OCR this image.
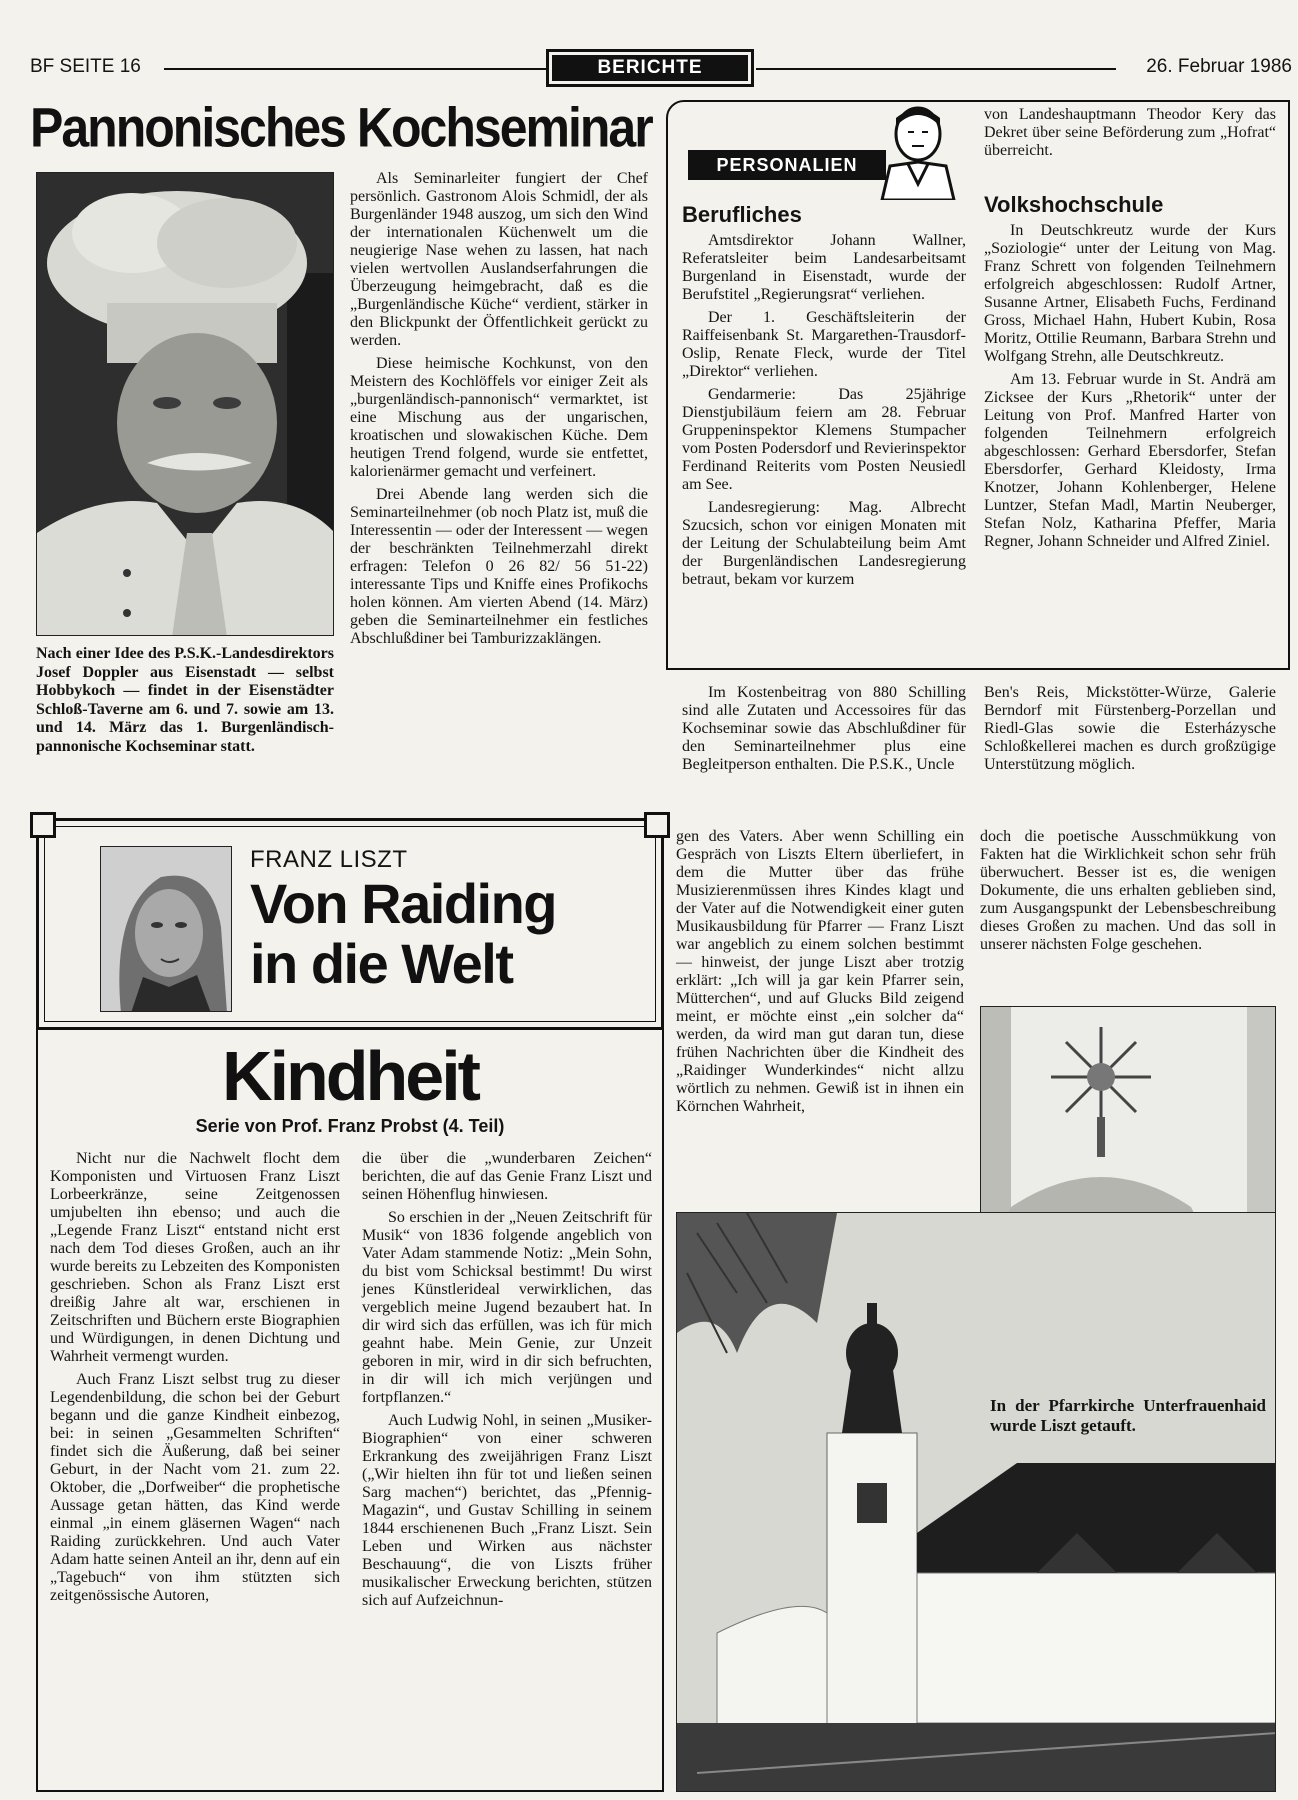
BF SEITE 16	BERICHTE	26. Februar 1986
Pannonisches Kochseminar
Nach einer Idee des P.S.K.-Landesdirektors Josef Doppler aus Eisenstadt — selbst Hobbykoch — findet in der Eisenstädter Schloß-Taverne am 6. und 7. sowie am 13. und 14. März das 1. Burgenländisch-pannonische Kochseminar statt.

Als Seminarleiter fungiert der Chef persönlich. Gastronom Alois Schmidl, der als Burgenländer 1948 auszog, um sich den Wind der internationalen Küchenwelt um die neugierige Nase wehen zu lassen, hat nach vielen wertvollen Auslandserfahrungen die Überzeugung heimgebracht, daß es die „Burgenländische Küche“ verdient, stärker in den Blickpunkt der Öffentlichkeit gerückt zu werden.

Diese heimische Kochkunst, von den Meistern des Kochlöffels vor einiger Zeit als „burgenländisch-pannonisch“ vermarktet, ist eine Mischung aus der ungarischen, kroatischen und slowakischen Küche. Dem heutigen Trend folgend, wurde sie entfettet, kalorienärmer gemacht und verfeinert.

Drei Abende lang werden sich die Seminarteilnehmer (ob noch Platz ist, muß die Interessentin — oder der Interessent — wegen der beschränkten Teilnehmerzahl direkt erfragen: Telefon 0 26 82/ 56 51-22) interessante Tips und Kniffe eines Profikochs holen können. Am vierten Abend (14. März) geben die Seminarteilnehmer ein festliches Abschlußdiner bei Tamburizzaklängen.

PERSONALIEN
Berufliches

Amtsdirektor Johann Wallner, Referatsleiter beim Landesarbeitsamt Burgenland in Eisenstadt, wurde der Berufstitel „Regierungsrat“ verliehen.

Der 1. Geschäftsleiterin der Raiffeisenbank St. Margarethen-Trausdorf-Oslip, Renate Fleck, wurde der Titel „Direktor“ verliehen.

Gendarmerie: Das 25jährige Dienstjubiläum feiern am 28. Februar Gruppeninspektor Klemens Stumpacher vom Posten Podersdorf und Revierinspektor Ferdinand Reiterits vom Posten Neusiedl am See.

Landesregierung: Mag. Albrecht Szucsich, schon vor einigen Monaten mit der Leitung der Schulabteilung beim Amt der Burgenländischen Landesregierung betraut, bekam vor kurzem

von Landeshauptmann Theodor Kery das Dekret über seine Beförderung zum „Hofrat“ überreicht.

Volkshochschule

In Deutschkreutz wurde der Kurs „Soziologie“ unter der Leitung von Mag. Franz Schrett von folgenden Teilnehmern erfolgreich abgeschlossen: Rudolf Artner, Susanne Artner, Elisabeth Fuchs, Ferdinand Gross, Michael Hahn, Hubert Kubin, Rosa Moritz, Ottilie Reumann, Barbara Strehn und Wolfgang Strehn, alle Deutschkreutz.

Am 13. Februar wurde in St. Andrä am Zicksee der Kurs „Rhetorik“ unter der Leitung von Prof. Manfred Harter von folgenden Teilnehmern erfolgreich abgeschlossen: Gerhard Ebersdorfer, Stefan Ebersdorfer, Gerhard Kleidosty, Irma Knotzer, Johann Kohlenberger, Helene Luntzer, Stefan Madl, Martin Neuberger, Stefan Nolz, Katharina Pfeffer, Maria Regner, Johann Schneider und Alfred Ziniel.

Im Kostenbeitrag von 880 Schilling sind alle Zutaten und Accessoires für das Kochseminar sowie das Abschlußdiner für den Seminarteilnehmer plus eine Begleitperson enthalten. Die P.S.K., Uncle

Ben's Reis, Mickstötter-Würze, Galerie Berndorf mit Fürstenberg-Porzellan und Riedl-Glas sowie die Esterházysche Schloßkellerei machen es durch großzügige Unterstützung möglich.

FRANZ LISZT
Von Raiding
in die Welt
Kindheit
Serie von Prof. Franz Probst (4. Teil)

Nicht nur die Nachwelt flocht dem Komponisten und Virtuosen Franz Liszt Lorbeerkränze, seine Zeitgenossen umjubelten ihn ebenso; und auch die „Legende Franz Liszt“ entstand nicht erst nach dem Tod dieses Großen, auch an ihr wurde bereits zu Lebzeiten des Komponisten geschrieben. Schon als Franz Liszt erst dreißig Jahre alt war, erschienen in Zeitschriften und Büchern erste Biographien und Würdigungen, in denen Dichtung und Wahrheit vermengt wurden.

Auch Franz Liszt selbst trug zu dieser Legendenbildung, die schon bei der Geburt begann und die ganze Kindheit einbezog, bei: in seinen „Gesammelten Schriften“ findet sich die Äußerung, daß bei seiner Geburt, in der Nacht vom 21. zum 22. Oktober, die „Dorfweiber“ die prophetische Aussage getan hätten, das Kind werde einmal „in einem gläsernen Wagen“ nach Raiding zurückkehren. Und auch Vater Adam hatte seinen Anteil an ihr, denn auf ein „Tagebuch“ von ihm stützten sich zeitgenössische Autoren,

die über die „wunderbaren Zeichen“ berichten, die auf das Genie Franz Liszt und seinen Höhenflug hinwiesen.

So erschien in der „Neuen Zeitschrift für Musik“ von 1836 folgende angeblich von Vater Adam stammende Notiz: „Mein Sohn, du bist vom Schicksal bestimmt! Du wirst jenes Künstlerideal verwirklichen, das vergeblich meine Jugend bezaubert hat. In dir wird sich das erfüllen, was ich für mich geahnt habe. Mein Genie, zur Unzeit geboren in mir, wird in dir sich befruchten, in dir will ich mich verjüngen und fortpflanzen.“

Auch Ludwig Nohl, in seinen „Musiker-Biographien“ von einer schweren Erkrankung des zweijährigen Franz Liszt („Wir hielten ihn für tot und ließen seinen Sarg machen“) berichtet, das „Pfennig-Magazin“, und Gustav Schilling in seinem 1844 erschienenen Buch „Franz Liszt. Sein Leben und Wirken aus nächster Beschauung“, die von Liszts früher musikalischer Erweckung berichten, stützen sich auf Aufzeichnun-

gen des Vaters. Aber wenn Schilling ein Gespräch von Liszts Eltern überliefert, in dem die Mutter über das frühe Musizierenmüssen ihres Kindes klagt und der Vater auf die Notwendigkeit einer guten Musikausbildung für Pfarrer — Franz Liszt war angeblich zu einem solchen bestimmt — hinweist, der junge Liszt aber trotzig erklärt: „Ich will ja gar kein Pfarrer sein, Mütterchen“, und auf Glucks Bild zeigend meint, er möchte einst „ein solcher da“ werden, da wird man gut daran tun, diese frühen Nachrichten über die Kindheit des „Raidinger Wunderkindes“ nicht allzu wörtlich zu nehmen. Gewiß ist in ihnen ein Körnchen Wahrheit,

doch die poetische Ausschmükkung von Fakten hat die Wirklichkeit schon sehr früh überwuchert. Besser ist es, die wenigen Dokumente, die uns erhalten geblieben sind, zum Ausgangspunkt der Lebensbeschreibung dieses Großen zu machen. Und das soll in unserer nächsten Folge geschehen.

In der Pfarrkirche Unterfrauenhaid wurde Liszt getauft.
